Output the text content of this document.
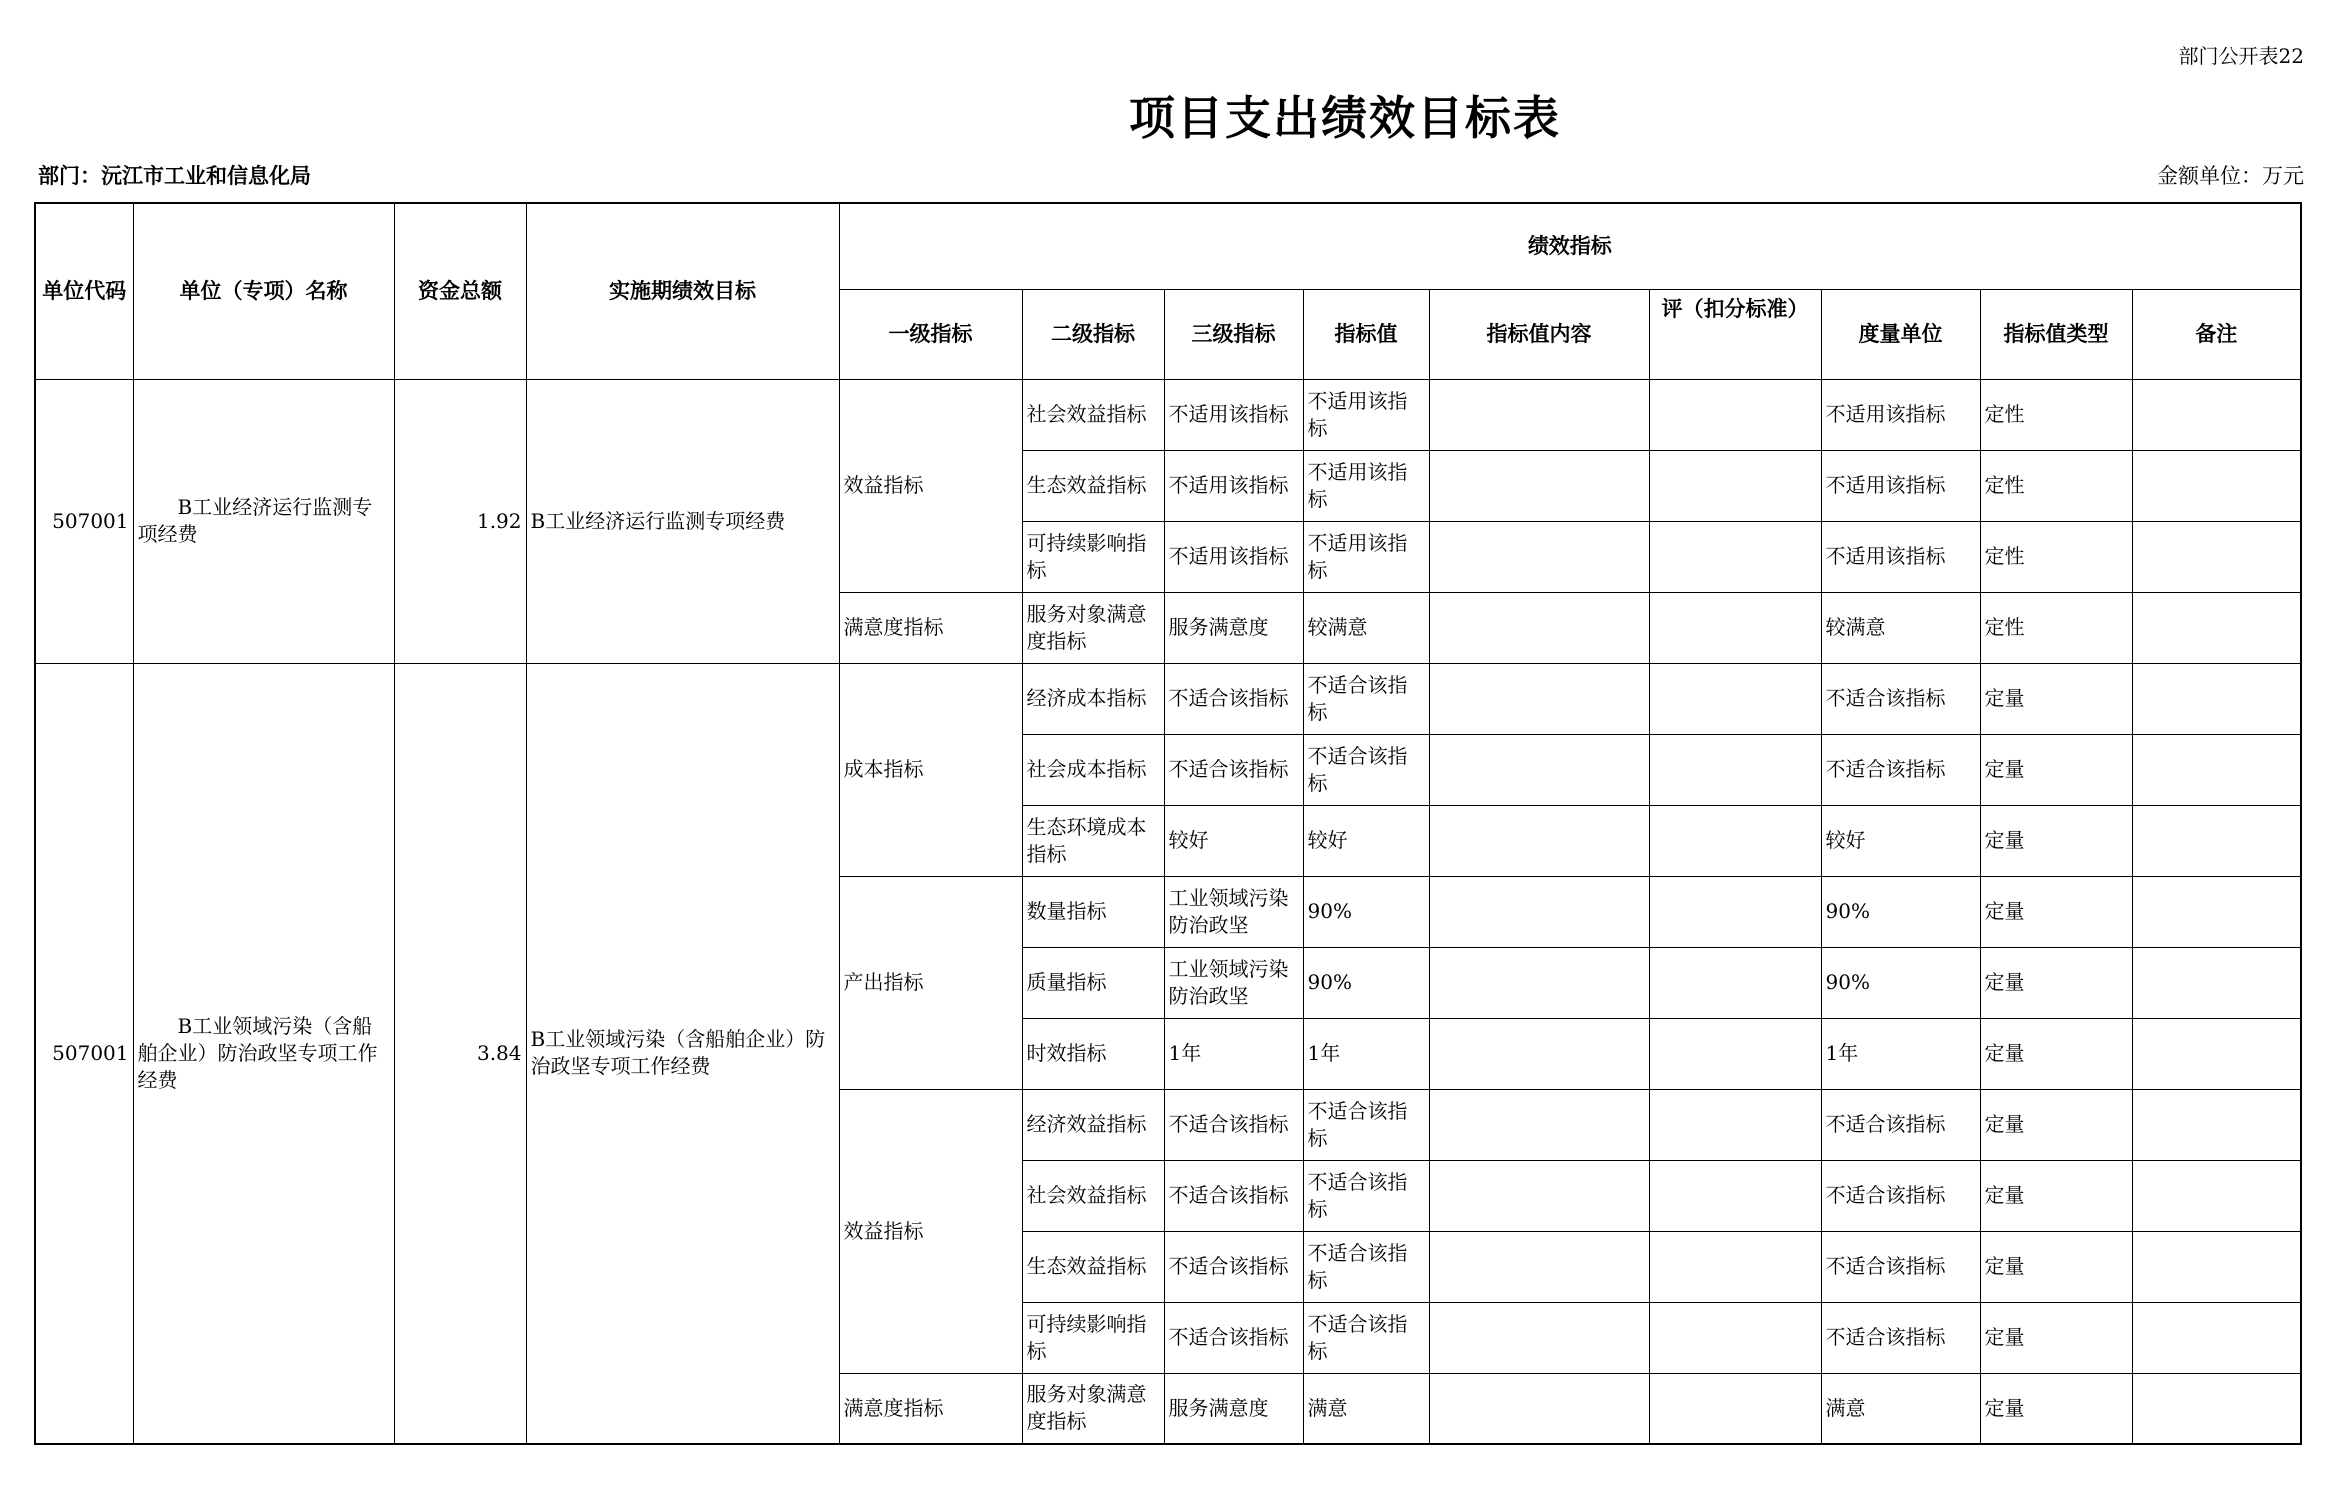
部门公开表22
项目支出绩效目标表
部门：沅江市工业和信息化局	金额单位：万元
单位代码	单位（专项）名称	资金总额	实施期绩效目标	绩效指标								
				一级指标	二级指标	三级指标	指标值	指标值内容	评（扣分标准）	度量单位	指标值类型	备注
507001	B工业经济运行监测专项经费	1.92	B工业经济运行监测专项经费	效益指标	社会效益指标	不适用该指标	不适用该指标			不适用该指标	定性	
					生态效益指标	不适用该指标	不适用该指标			不适用该指标	定性	
					可持续影响指标	不适用该指标	不适用该指标			不适用该指标	定性	
				满意度指标	服务对象满意度指标	服务满意度	较满意			较满意	定性	
507001	B工业领域污染（含船舶企业）防治政坚专项工作经费	3.84	B工业领域污染（含船舶企业）防治政坚专项工作经费	成本指标	经济成本指标	不适合该指标	不适合该指标			不适合该指标	定量	
					社会成本指标	不适合该指标	不适合该指标			不适合该指标	定量	
					生态环境成本指标	较好	较好			较好	定量	
				产出指标	数量指标	工业领域污染防治政坚	90%			90%	定量	
					质量指标	工业领域污染防治政坚	90%			90%	定量	
					时效指标	1年	1年			1年	定量	
				效益指标	经济效益指标	不适合该指标	不适合该指标			不适合该指标	定量	
					社会效益指标	不适合该指标	不适合该指标			不适合该指标	定量	
					生态效益指标	不适合该指标	不适合该指标			不适合该指标	定量	
					可持续影响指标	不适合该指标	不适合该指标			不适合该指标	定量	
				满意度指标	服务对象满意度指标	服务满意度	满意			满意	定量	
